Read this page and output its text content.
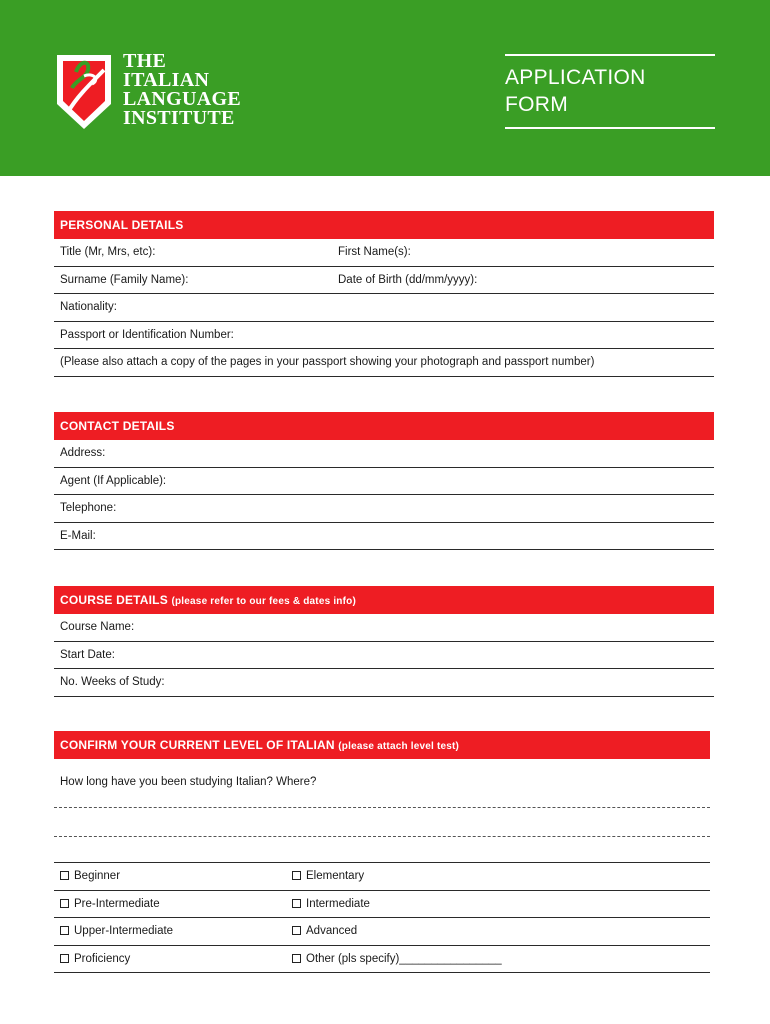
THE
ITALIAN
LANGUAGE
INSTITUTE
APPLICATION
FORM
PERSONAL DETAILS
Title (Mr, Mrs, etc):	First Name(s):
Surname (Family Name):	Date of Birth (dd/mm/yyyy):
Nationality:
Passport or Identification Number:
(Please also attach a copy of the pages in your passport showing your photograph and passport number)
CONTACT DETAILS
Address:
Agent (If Applicable):
Telephone:
E-Mail:
COURSE DETAILS (please refer to our fees & dates info)
Course Name:
Start Date:
No. Weeks of Study:
CONFIRM YOUR CURRENT LEVEL OF ITALIAN (please attach level test)
How long have you been studying Italian? Where?
Beginner	Elementary
Pre-Intermediate	Intermediate
Upper-Intermediate	Advanced
Proficiency	Other (pls specify)________________
